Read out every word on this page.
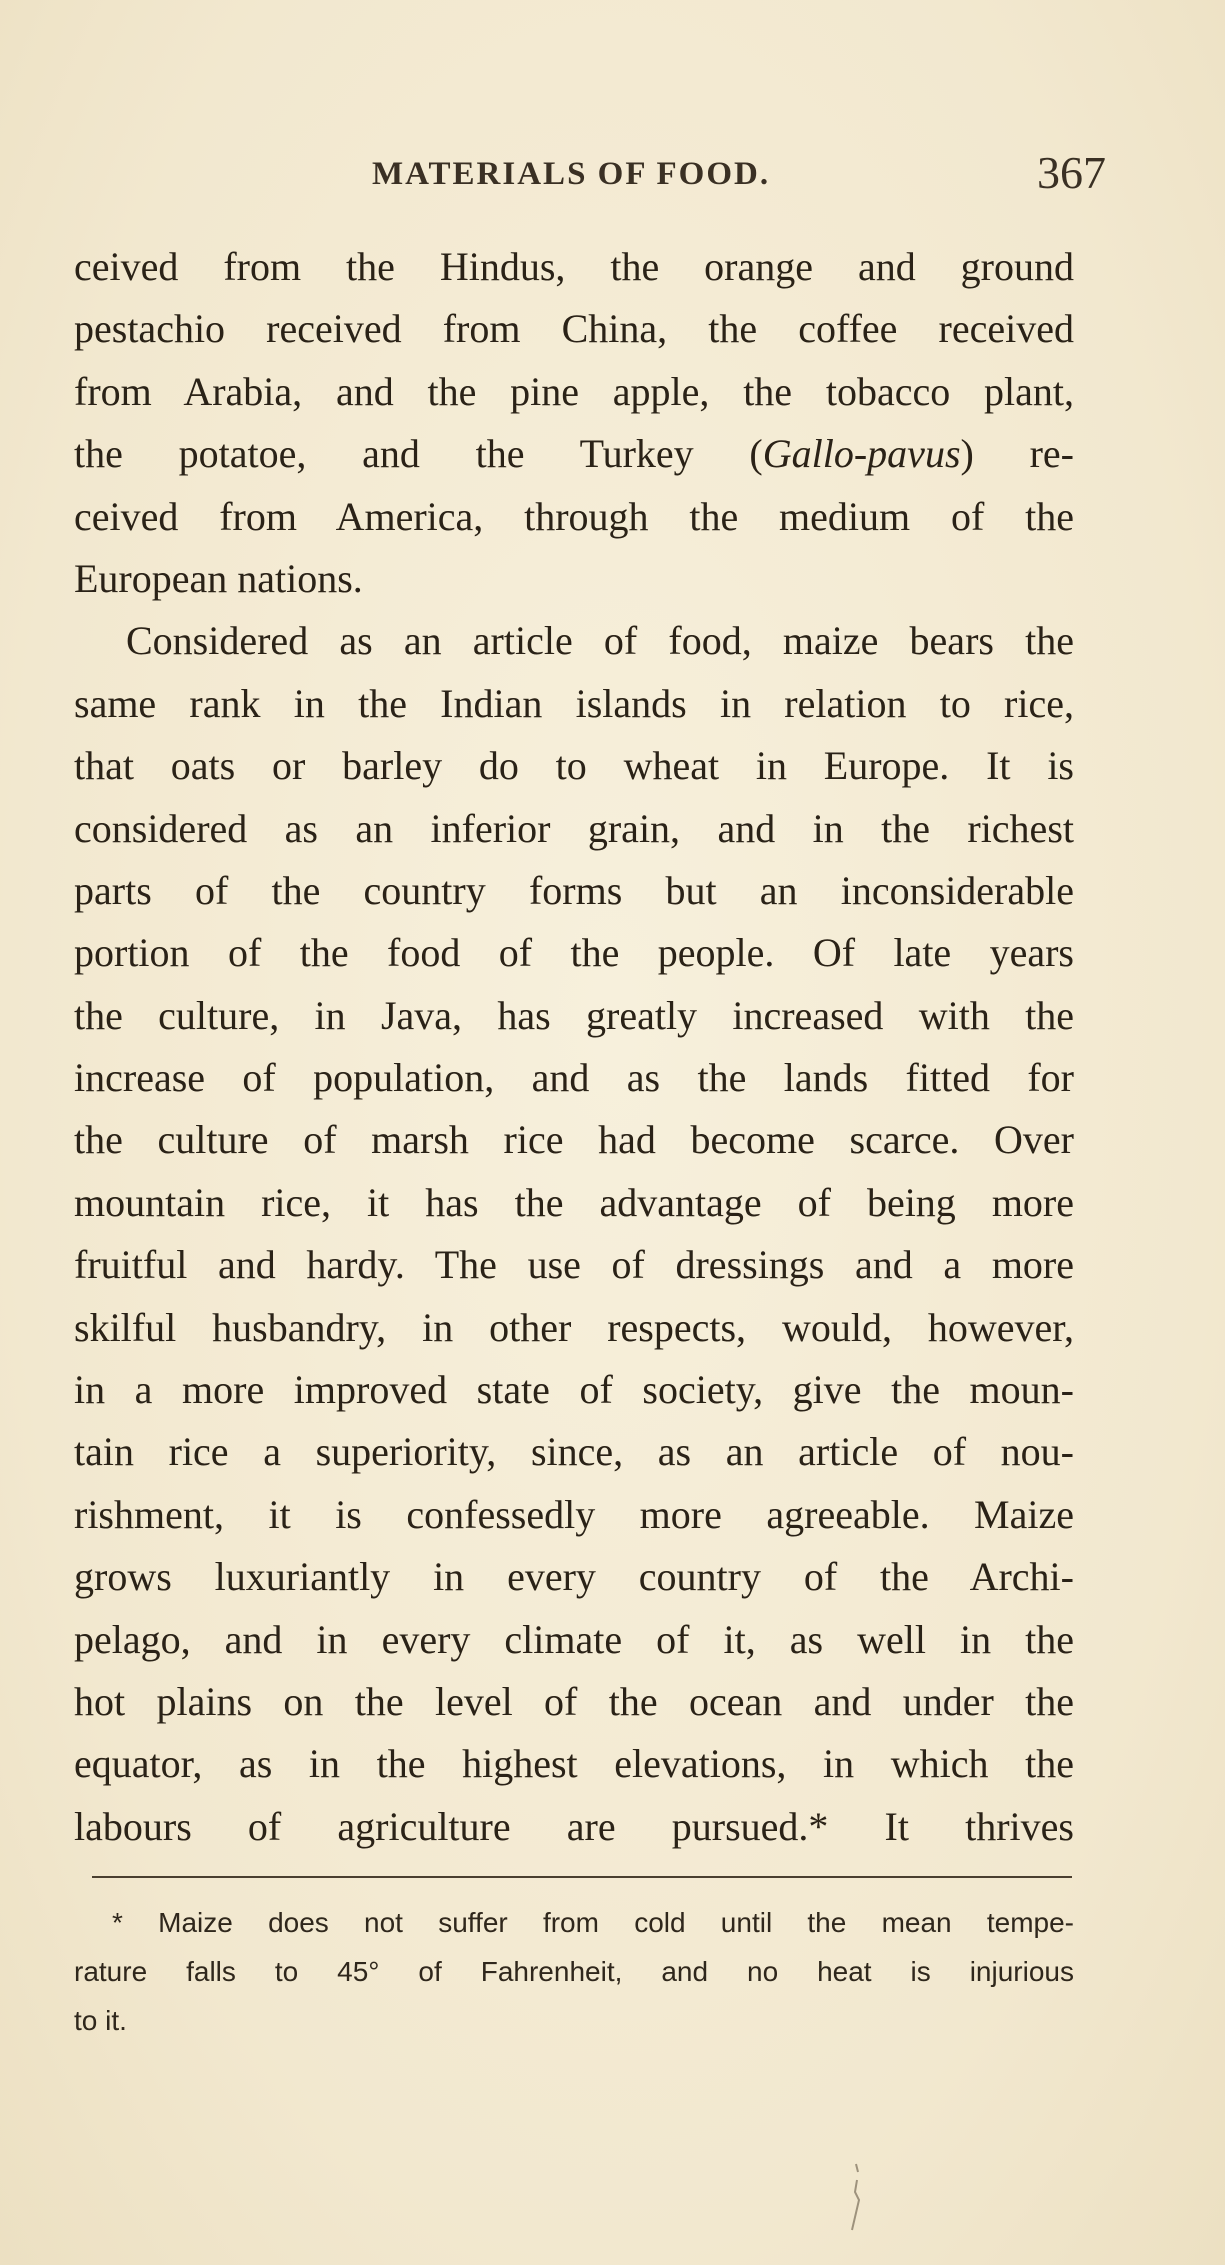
MATERIALS OF FOOD.	367
ceived from the Hindus, the orange and ground
pestachio received from China, the coffee received
from Arabia, and the pine apple, the tobacco plant,
the potatoe, and the Turkey (Gallo-pavus) re-
ceived from America, through the medium of the
European nations.
Considered as an article of food, maize bears the
same rank in the Indian islands in relation to rice,
that oats or barley do to wheat in Europe. It is
considered as an inferior grain, and in the richest
parts of the country forms but an inconsiderable
portion of the food of the people. Of late years
the culture, in Java, has greatly increased with the
increase of population, and as the lands fitted for
the culture of marsh rice had become scarce. Over
mountain rice, it has the advantage of being more
fruitful and hardy. The use of dressings and a more
skilful husbandry, in other respects, would, however,
in a more improved state of society, give the moun-
tain rice a superiority, since, as an article of nou-
rishment, it is confessedly more agreeable. Maize
grows luxuriantly in every country of the Archi-
pelago, and in every climate of it, as well in the
hot plains on the level of the ocean and under the
equator, as in the highest elevations, in which the
labours of agriculture are pursued.* It thrives
* Maize does not suffer from cold until the mean tempe-
rature falls to 45° of Fahrenheit, and no heat is injurious
to it.
